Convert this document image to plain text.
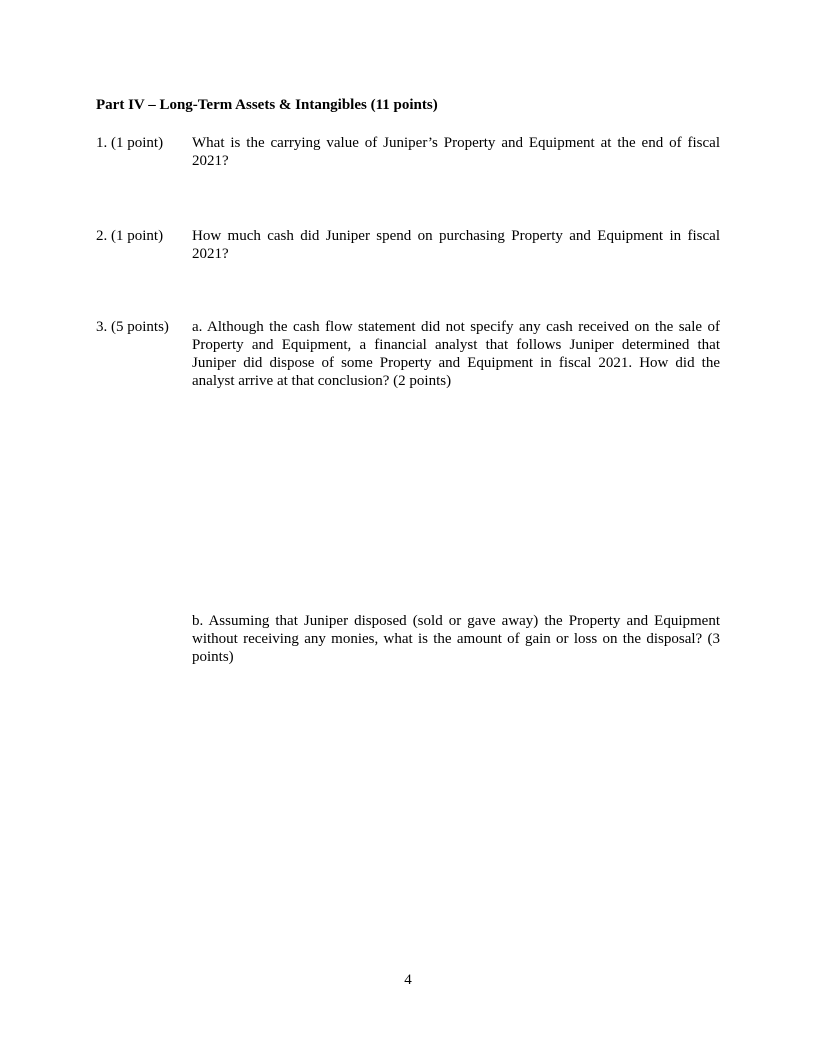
Part IV – Long-Term Assets & Intangibles (11 points)
1. (1 point) What is the carrying value of Juniper’s Property and Equipment at the end of fiscal 2021?
2. (1 point) How much cash did Juniper spend on purchasing Property and Equipment in fiscal 2021?
3. (5 points) a. Although the cash flow statement did not specify any cash received on the sale of Property and Equipment, a financial analyst that follows Juniper determined that Juniper did dispose of some Property and Equipment in fiscal 2021. How did the analyst arrive at that conclusion? (2 points)
b. Assuming that Juniper disposed (sold or gave away) the Property and Equipment without receiving any monies, what is the amount of gain or loss on the disposal? (3 points)
4
